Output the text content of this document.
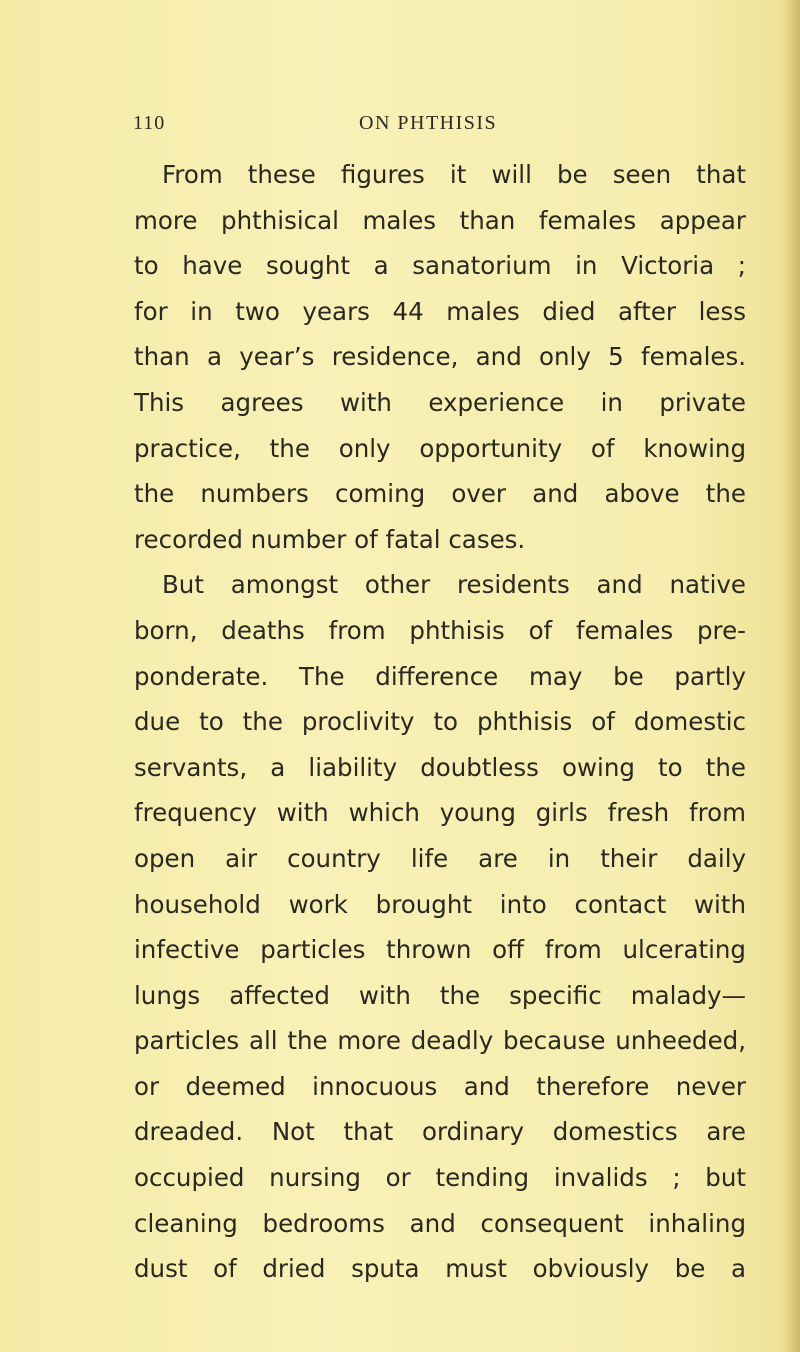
110	ON PHTHISIS
From these figures it will be seen that
more phthisical males than females appear
to have sought a sanatorium in Victoria ;
for in two years 44 males died after less
than a year’s residence, and only 5 females.
This agrees with experience in private
practice, the only opportunity of knowing
the numbers coming over and above the
recorded number of fatal cases.
But amongst other residents and native
born, deaths from phthisis of females pre-
ponderate. The difference may be partly
due to the proclivity to phthisis of domestic
servants, a liability doubtless owing to the
frequency with which young girls fresh from
open air country life are in their daily
household work brought into contact with
infective particles thrown off from ulcerating
lungs affected with the specific malady—
particles all the more deadly because unheeded,
or deemed innocuous and therefore never
dreaded. Not that ordinary domestics are
occupied nursing or tending invalids ; but
cleaning bedrooms and consequent inhaling
dust of dried sputa must obviously be a
